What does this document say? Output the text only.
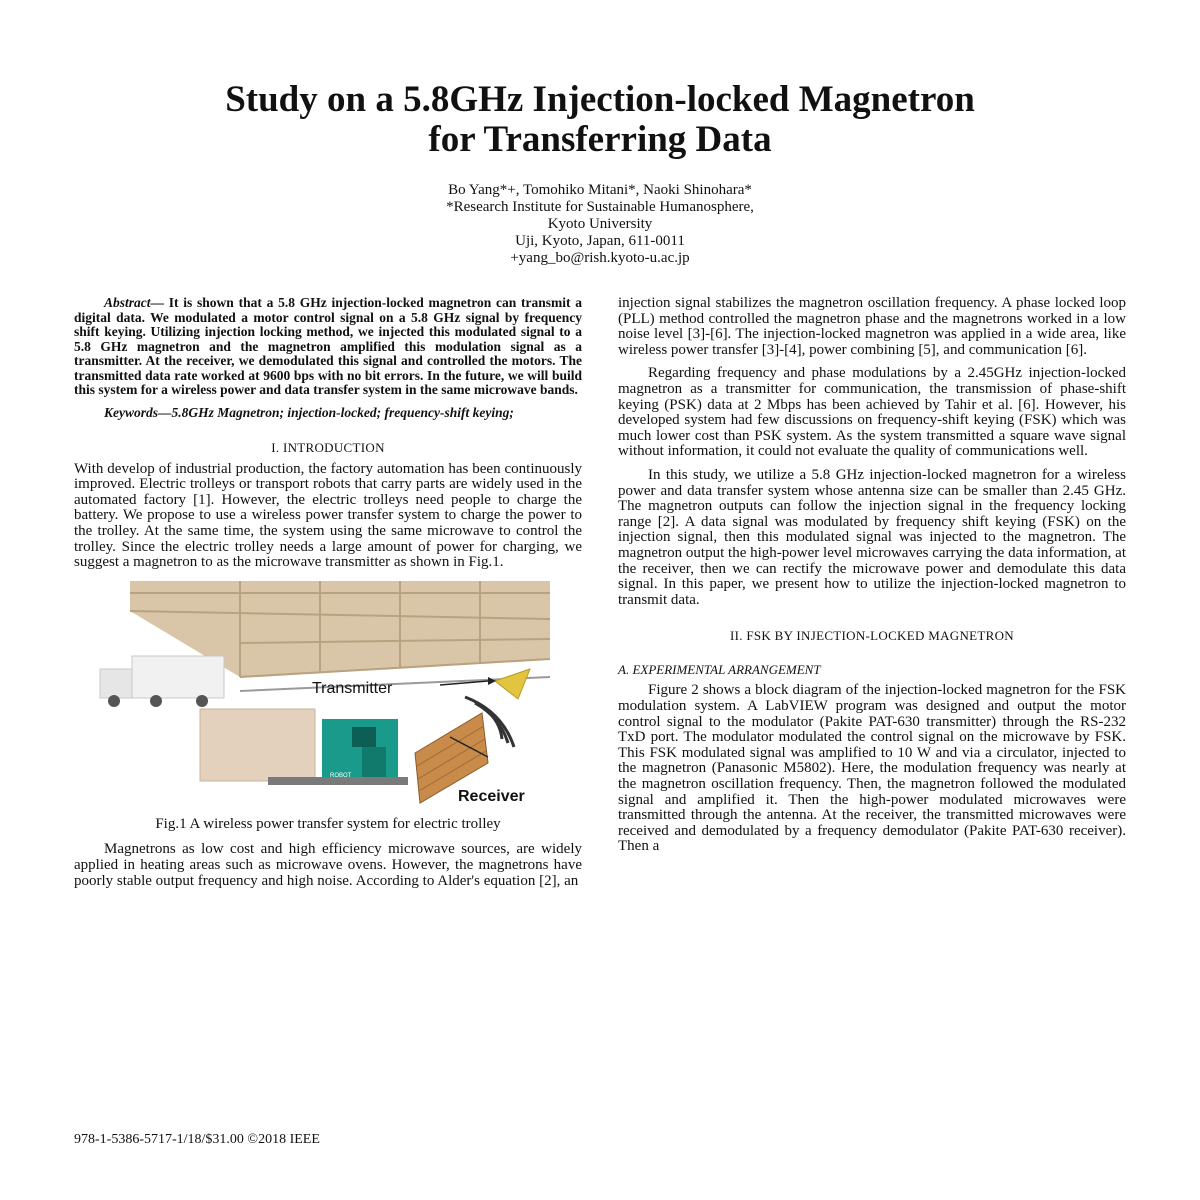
Study on a 5.8GHz Injection-locked Magnetron
for Transferring Data
Bo Yang*+, Tomohiko Mitani*, Naoki Shinohara*
*Research Institute for Sustainable Humanosphere,
Kyoto University
Uji, Kyoto, Japan, 611-0011
+yang_bo@rish.kyoto-u.ac.jp

Abstract— It is shown that a 5.8 GHz injection-locked magnetron can transmit a digital data. We modulated a motor control signal on a 5.8 GHz signal by frequency shift keying. Utilizing injection locking method, we injected this modulated signal to a 5.8 GHz magnetron and the magnetron amplified this modulation signal as a transmitter. At the receiver, we demodulated this signal and controlled the motors. The transmitted data rate worked at 9600 bps with no bit errors. In the future, we will build this system for a wireless power and data transfer system in the same microwave bands.

Keywords—5.8GHz Magnetron; injection-locked; frequency-shift keying;

I. INTRODUCTION

With develop of industrial production, the factory automation has been continuously improved. Electric trolleys or transport robots that carry parts are widely used in the automated factory [1]. However, the electric trolleys need people to charge the battery. We propose to use a wireless power transfer system to charge the power to the trolley. At the same time, the system using the same microwave to control the trolley. Since the electric trolley needs a large amount of power for charging, we suggest a magnetron to as the microwave transmitter as shown in Fig.1.

Transmitter
Receiver
ROBOT
Fig.1 A wireless power transfer system for electric trolley

Magnetrons as low cost and high efficiency microwave sources, are widely applied in heating areas such as microwave ovens. However, the magnetrons have poorly stable output frequency and high noise. According to Alder's equation [2], an

injection signal stabilizes the magnetron oscillation frequency. A phase locked loop (PLL) method controlled the magnetron phase and the magnetrons worked in a low noise level [3]-[6]. The injection-locked magnetron was applied in a wide area, like wireless power transfer [3]-[4], power combining [5], and communication [6].

Regarding frequency and phase modulations by a 2.45GHz injection-locked magnetron as a transmitter for communication, the transmission of phase-shift keying (PSK) data at 2 Mbps has been achieved by Tahir et al. [6]. However, his developed system had few discussions on frequency-shift keying (FSK) which was much lower cost than PSK system. As the system transmitted a square wave signal without information, it could not evaluate the quality of communications well.

In this study, we utilize a 5.8 GHz injection-locked magnetron for a wireless power and data transfer system whose antenna size can be smaller than 2.45 GHz. The magnetron outputs can follow the injection signal in the frequency locking range [2]. A data signal was modulated by frequency shift keying (FSK) on the injection signal, then this modulated signal was injected to the magnetron. The magnetron output the high-power level microwaves carrying the data information, at the receiver, then we can rectify the microwave power and demodulate this data signal. In this paper, we present how to utilize the injection-locked magnetron to transmit data.

II. FSK BY INJECTION-LOCKED MAGNETRON
A. EXPERIMENTAL ARRANGEMENT

Figure 2 shows a block diagram of the injection-locked magnetron for the FSK modulation system. A LabVIEW program was designed and output the motor control signal to the modulator (Pakite PAT-630 transmitter) through the RS-232 TxD port. The modulator modulated the control signal on the microwave by FSK. This FSK modulated signal was amplified to 10 W and via a circulator, injected to the magnetron (Panasonic M5802). Here, the modulation frequency was nearly at the magnetron oscillation frequency. Then, the magnetron followed the modulated signal and amplified it. Then the high-power modulated microwaves were transmitted through the antenna. At the receiver, the transmitted microwaves were received and demodulated by a frequency demodulator (Pakite PAT-630 receiver). Then a

978-1-5386-5717-1/18/$31.00 ©2018 IEEE
